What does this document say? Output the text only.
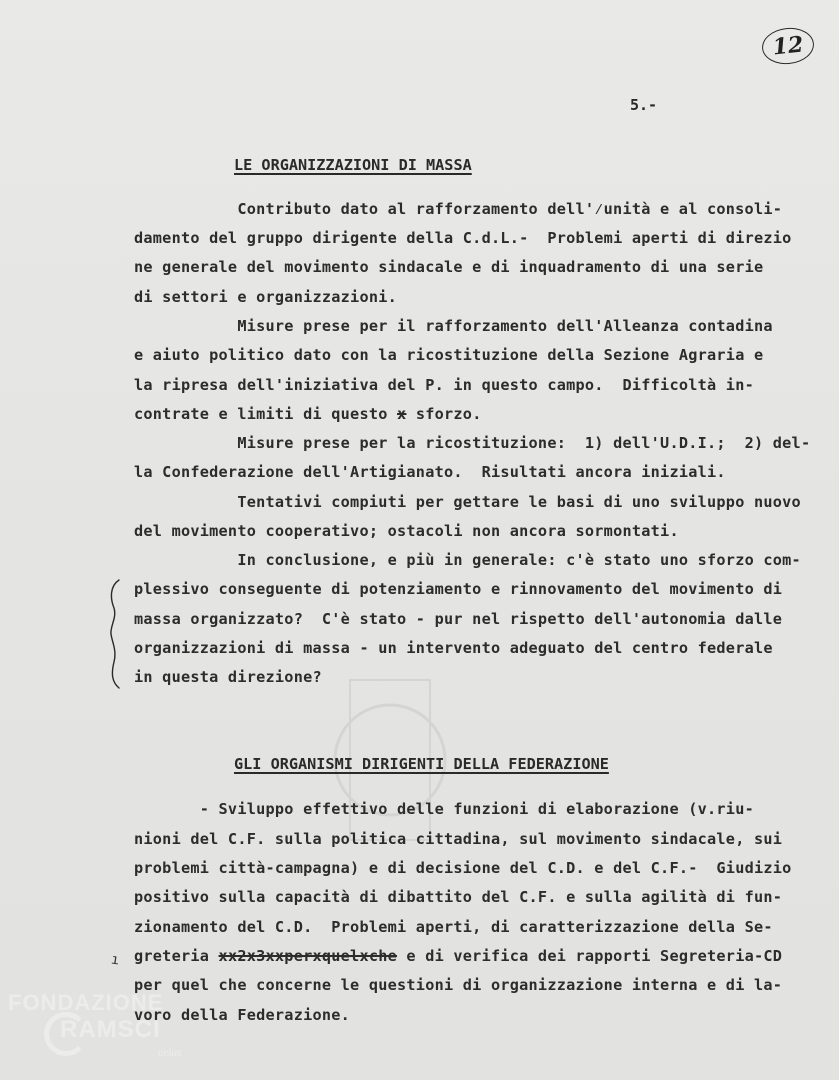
12
5.-
LE ORGANIZZAZIONI DI MASSA
Contributo dato al rafforzamento dell'⁄unità e al consoli-
damento del gruppo dirigente della C.d.L.-  Problemi aperti di direzio
ne generale del movimento sindacale e di inquadramento di una serie
di settori e organizzazioni.
Misure prese per il rafforzamento dell'Alleanza contadina
e aiuto politico dato con la ricostituzione della Sezione Agraria e
la ripresa dell'iniziativa del P. in questo campo.  Difficoltà in-
contrate e limiti di questo x sforzo.
Misure prese per la ricostituzione:  1) dell'U.D.I.;  2) del-
la Confederazione dell'Artigianato.  Risultati ancora iniziali.
Tentativi compiuti per gettare le basi di uno sviluppo nuovo
del movimento cooperativo; ostacoli non ancora sormontati.
In conclusione, e più in generale: c'è stato uno sforzo com-
plessivo conseguente di potenziamento e rinnovamento del movimento di
massa organizzato?  C'è stato - pur nel rispetto dell'autonomia dalle
organizzazioni di massa - un intervento adeguato del centro federale
in questa direzione?
GLI ORGANISMI DIRIGENTI DELLA FEDERAZIONE
- Sviluppo effettivo delle funzioni di elaborazione (v.riu-
nioni del C.F. sulla politica cittadina, sul movimento sindacale, sui
problemi città-campagna) e di decisione del C.D. e del C.F.-  Giudizio
positivo sulla capacità di dibattito del C.F. e sulla agilità di fun-
zionamento del C.D.  Problemi aperti, di caratterizzazione della Se-
greteria xx2x3xxperxquelxche e di verifica dei rapporti Segreteria-CD
per quel che concerne le questioni di organizzazione interna e di la-
voro della Federazione.
ı
FONDAZIONE
RAMSCI
onlus
